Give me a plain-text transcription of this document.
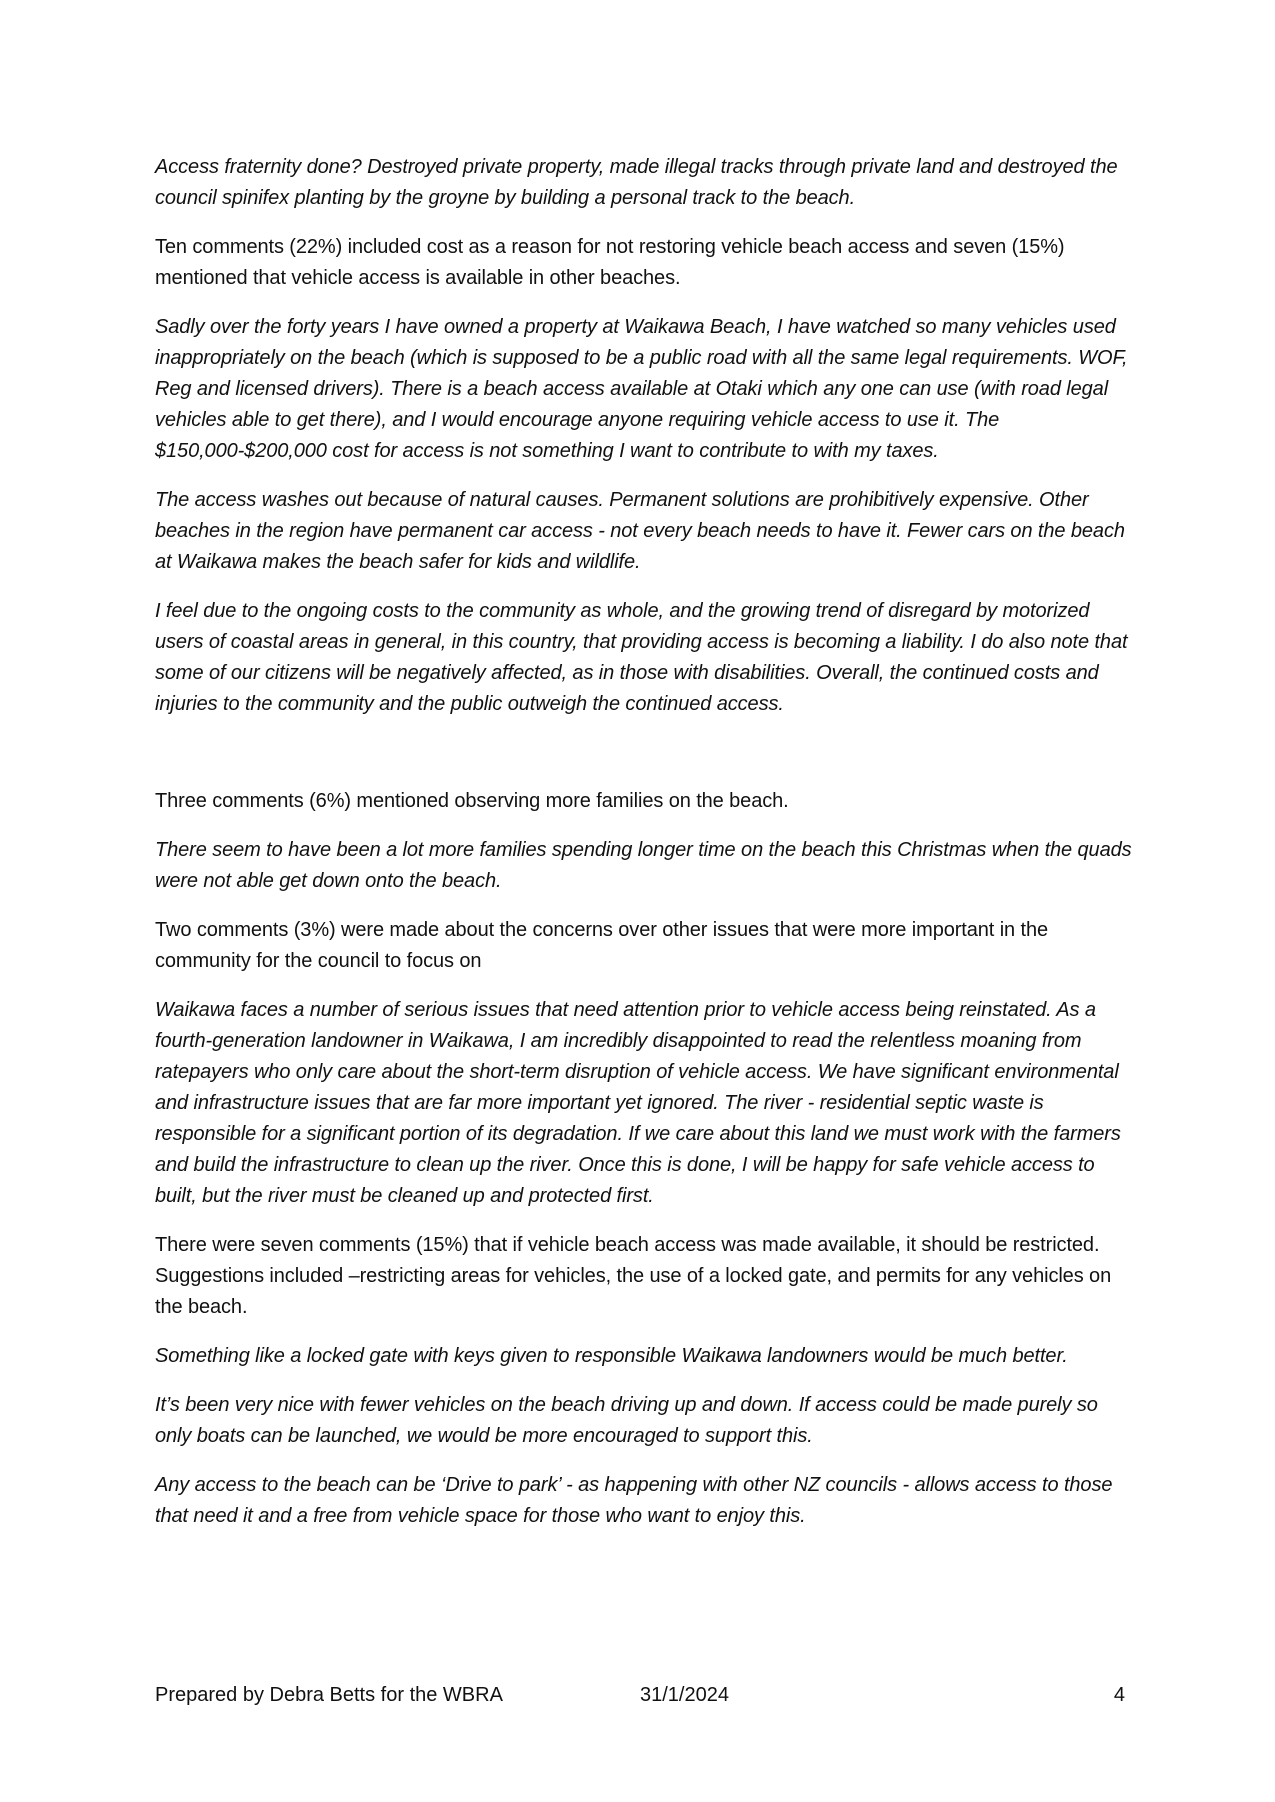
Access fraternity done? Destroyed private property, made illegal tracks through private land and destroyed the council spinifex planting by the groyne by building a personal track to the beach.

Ten comments (22%) included cost as a reason for not restoring vehicle beach access and seven (15%) mentioned that vehicle access is available in other beaches.

Sadly over the forty years I have owned a property at Waikawa Beach, I have watched so many vehicles used inappropriately on the beach (which is supposed to be a public road with all the same legal requirements. WOF, Reg and licensed drivers). There is a beach access available at Otaki which any one can use (with road legal vehicles able to get there), and I would encourage anyone requiring vehicle access to use it. The $150,000-$200,000 cost for access is not something I want to contribute to with my taxes.

The access washes out because of natural causes. Permanent solutions are prohibitively expensive. Other beaches in the region have permanent car access - not every beach needs to have it. Fewer cars on the beach at Waikawa makes the beach safer for kids and wildlife.

I feel due to the ongoing costs to the community as whole, and the growing trend of disregard by motorized users of coastal areas in general, in this country, that providing access is becoming a liability. I do also note that some of our citizens will be negatively affected, as in those with disabilities. Overall, the continued costs and injuries to the community and the public outweigh the continued access.

Three comments (6%) mentioned observing more families on the beach.

There seem to have been a lot more families spending longer time on the beach this Christmas when the quads were not able get down onto the beach.

Two comments (3%) were made about the concerns over other issues that were more important in the community for the council to focus on

Waikawa faces a number of serious issues that need attention prior to vehicle access being reinstated. As a fourth-generation landowner in Waikawa, I am incredibly disappointed to read the relentless moaning from ratepayers who only care about the short-term disruption of vehicle access. We have significant environmental and infrastructure issues that are far more important yet ignored. The river - residential septic waste is responsible for a significant portion of its degradation. If we care about this land we must work with the farmers and build the infrastructure to clean up the river. Once this is done, I will be happy for safe vehicle access to built, but the river must be cleaned up and protected first.

There were seven comments (15%) that if vehicle beach access was made available, it should be restricted. Suggestions included –restricting areas for vehicles, the use of a locked gate, and permits for any vehicles on the beach.

Something like a locked gate with keys given to responsible Waikawa landowners would be much better.

It’s been very nice with fewer vehicles on the beach driving up and down. If access could be made purely so only boats can be launched, we would be more encouraged to support this.

Any access to the beach can be ‘Drive to park’ - as happening with other NZ councils - allows access to those that need it and a free from vehicle space for those who want to enjoy this.

Prepared by Debra Betts for the WBRA	31/1/2024	4
